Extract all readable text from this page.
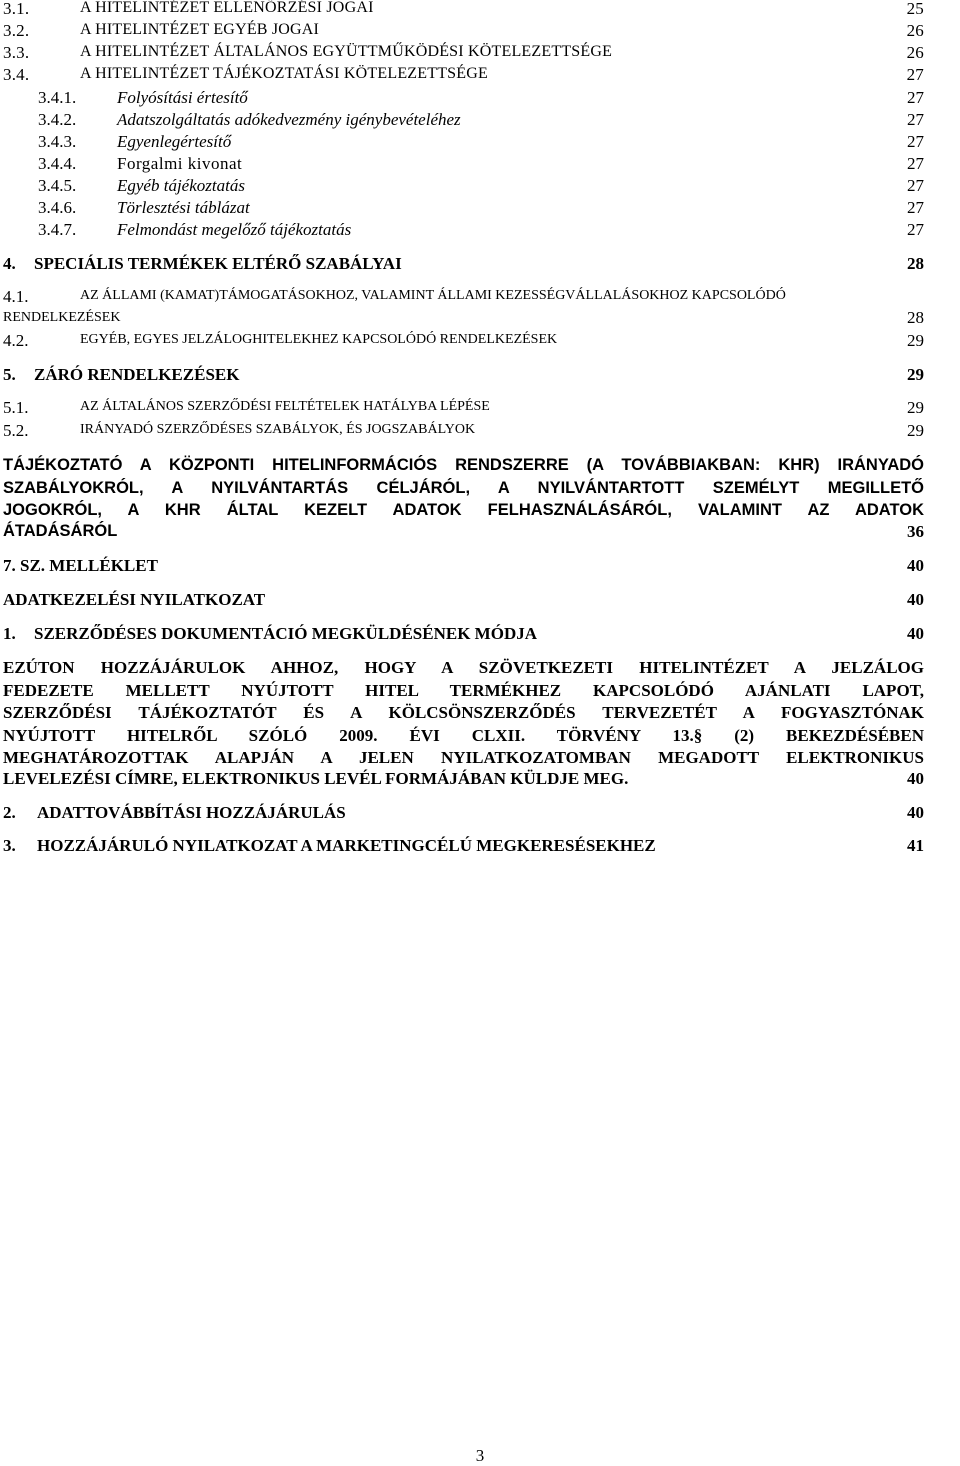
3.1.	A HITELINTÉZET ELLENŐRZÉSI JOGAI	25
3.2.	A HITELINTÉZET EGYÉB JOGAI	26
3.3.	A HITELINTÉZET ÁLTALÁNOS EGYÜTTMŰKÖDÉSI KÖTELEZETTSÉGE	26
3.4.	A HITELINTÉZET TÁJÉKOZTATÁSI KÖTELEZETTSÉGE	27
3.4.1. Folyósítási értesítő	27
3.4.2. Adatszolgáltatás adókedvezmény igénybevételéhez	27
3.4.3. Egyenlegértesítő	27
3.4.4. Forgalmi kivonat	27
3.4.5. Egyéb tájékoztatás	27
3.4.6. Törlesztési táblázat	27
3.4.7. Felmondást megelőző tájékoztatás	27
4. SPECIÁLIS TERMÉKEK ELTÉRŐ SZABÁLYAI	28
4.1.	AZ ÁLLAMI (KAMAT)TÁMOGATÁSOKHOZ, VALAMINT ÁLLAMI KEZESSÉGVÁLLALÁSOKHOZ KAPCSOLÓDÓ
RENDELKEZÉSEK	28
4.2.	EGYÉB, EGYES JELZÁLOGHITELEKHEZ KAPCSOLÓDÓ RENDELKEZÉSEK	29
5. ZÁRÓ RENDELKEZÉSEK	29
5.1.	AZ ÁLTALÁNOS SZERZŐDÉSI FELTÉTELEK HATÁLYBA LÉPÉSE	29
5.2.	IRÁNYADÓ SZERZŐDÉSES SZABÁLYOK, ÉS JOGSZABÁLYOK	29
TÁJÉKOZTATÓ A KÖZPONTI HITELINFORMÁCIÓS RENDSZERRE (A TOVÁBBIAKBAN: KHR) IRÁNYADÓ
SZABÁLYOKRÓL, A NYILVÁNTARTÁS CÉLJÁRÓL, A NYILVÁNTARTOTT SZEMÉLYT MEGILLETŐ
JOGOKRÓL, A KHR ÁLTAL KEZELT ADATOK FELHASZNÁLÁSÁRÓL, VALAMINT AZ ADATOK
ÁTADÁSÁRÓL	36
7. SZ. MELLÉKLET	40
ADATKEZELÉSI NYILATKOZAT	40
1. SZERZŐDÉSES DOKUMENTÁCIÓ MEGKÜLDÉSÉNEK MÓDJA	40
EZÚTON HOZZÁJÁRULOK AHHOZ, HOGY A SZÖVETKEZETI HITELINTÉZET A JELZÁLOG
FEDEZETE MELLETT NYÚJTOTT HITEL TERMÉKHEZ KAPCSOLÓDÓ AJÁNLATI LAPOT,
SZERZŐDÉSI TÁJÉKOZTATÓT ÉS A KÖLCSÖNSZERZŐDÉS TERVEZETÉT A FOGYASZTÓNAK
NYÚJTOTT HITELRŐL SZÓLÓ 2009. ÉVI CLXII. TÖRVÉNY 13.§ (2) BEKEZDÉSÉBEN
MEGHATÁROZOTTAK ALAPJÁN A JELEN NYILATKOZATOMBAN MEGADOTT ELEKTRONIKUS
LEVELEZÉSI CÍMRE, ELEKTRONIKUS LEVÉL FORMÁJÁBAN KÜLDJE MEG.	40
2. ADATTOVÁBBÍTÁSI HOZZÁJÁRULÁS	40
3. HOZZÁJÁRULÓ NYILATKOZAT A MARKETINGCÉLÚ MEGKERESÉSEKHEZ	41
3
